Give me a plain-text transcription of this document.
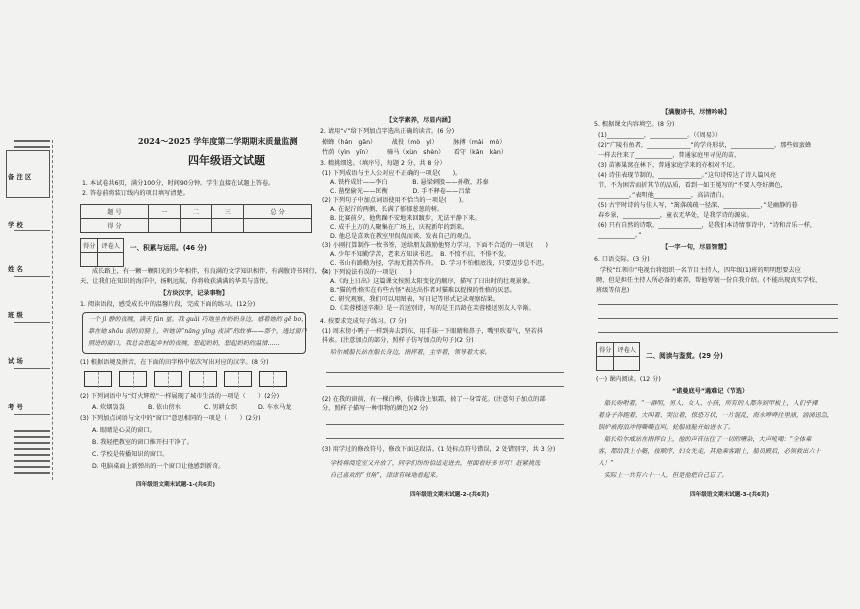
备 注 区
学 校
姓 名
班 级
试 场
考 号
2024～2025 学年度第二学期期末质量监测
四年级语文试题
1. 本试卷共6页，满分100分，时间90分钟。学生直接在试题上答卷。
2. 答卷前将装订线内的项目填写清楚。
题 号	一	二	三	总 分
得 分				
得分	评卷人
	一、积累与运用。(46 分)
成长路上，有一颗一颗阳光的少年相伴，有良满的文学知识相伴，有满腹诗书同行，今
天，让我们在知识的海洋中，扬帆远航，你将收获满满的华美与喜悦。
【方块汉字，记录事物】
1. 阅读语段，感受成长中的温馨片段，完成下面的练习。(12分)
一个 jì 静的夜晚，满天 fán 星。我 guǎi 巧地坐在奶奶身边，感着她的 gē bo，
靠在她 shōu 弱的肩膀上，听她讲“nāng yīng 夜读”的故事——那个，透过窗户
照进的窗口，我总会想起乡村的夜晚，想起奶奶，想起奶奶的温情……
(1) 根据语境及拼音，在下面的田字格中依次写出对应的汉字。(8 分)
(2) 下列词语中与“灯火辉煌”一样展现了城市生活的一项是（　　）(2分)
A. 炊烟袅袅	B. 依山傍水	C. 男耕女织	D. 车水马龙
(3) 下列加点词语与文中的“窗口”意思相同的一项是（　　）(2分)
A. 眼睛是心灵的窗口。
B. 我轻把教室的窗口推开扫干净了。
C. 学校是传播知识的窗口。
D. 电脑桌面上新弹出的一个窗口让他感到新奇。
四年级语文期末试题-1-(共6页)
【文学素养，尽显内涵】
2. 请用“√”给下列加点字选出正确的读音。(6 分)
撩蜂（hán　gān）　　　战役（mò　yì）　　　脉搏（mài　mò）
竹荫（yìn　yīn）　　　骑马（xùn　shèn）　　看守（kān　kàn）
3. 精挑细选。（填序号，每题 2 分，共 8 分）
(1) 下列成语与主人公对应不正确的一项是(　　)。
A. 铁杵成针——李白　　　　B. 悬梁刺股——孙敬、苏秦
C. 凿壁偷光——匡衡　　　　D. 手不释卷——吕蒙
(2) 下列句子中加点词语使用不恰当的一项是(　　)。
A. 在泥泞的两侧，长满了郁郁葱葱的树。
B. 比赛前夕，他焦躁不安地来回踱步，无法平静下来。
C. 成千上万的人聚集在广场上，庆祝新年的到来。
D. 他总是喜欢在教室里侃侃而谈，发表自己的观点。
(3) 小刚打算制作一枚书签，送给朋友鼓励他努力学习，下面不合适的一项是(　　)
A. 少年不知勤学苦，老来方知读书迟。　B. 不愤不启，不悱不发。
C. 书山有路勤为径，学海无涯苦作舟。　D. 学习不怕根底浅，只要迈步总不迟。
(4) 下列说法有误的一项是(　　)
A.《海上日出》这篇课文按照太阳变化的顺序，描写了日出时的壮观景象。
B.“猫的性格实在有些古怪”表达出作者对猫难以捉摸的性格的厌恶。
C. 研究观察，我们可以用图表，写日记等形式记录观察结果。
D.《芙蓉楼送辛渐》是一首送别诗，写的是王昌龄在芙蓉楼送别友人辛渐。
4. 按要求完成句子练习。(7 分)
(1) 周末傍小鸭子一样到奔去到东，用手抹一下眼睛和鼻子，嘴里吹着气，坚若抖
抖索。(注意加点的部分，照样子仿写加点的句子)(2 分)
哈尔威船长站在船长身边，指挥着，主宰着，领导着大家。
(2) 在我的窗前，有一棵白桦，仿佛涂上银霜，披了一身雪花。(注意句子加点的部
分，照样子描写一种事物的颜色)(2 分)
(3) 用学过的修改符号，修改下面这段话。(1 处标点符号错误，2 处错别字，共 3 分)
学校将阅览室又开放了，同学们纷纷恰适走进去，里面看好多书可！赶紧挑选
自己喜欢的“书角”，津津有味地看起来。
四年级语文期末试题-2-(共6页)
【满腹诗书，尽情吟咏】
5. 根据课文内容填空。(8 分)
(1)____________，____________。（《周易》）
(2)“广陵有鱼者，______________”的学舟形状，______________，那些如蛮蜂
一样去往来了____________，普通家庭里寻见的苗，
(3) 苗寨巢窝在林下，普通家庭学来的亦相对不足。
(4) 诗佳表现节制的，______________。”这句诗传达了诗人篇风亮
节，不为困苦而折其节的品质，看到一如王冕写的“不要人夸好颜色，
__________。”表明他____________，高洁清白。
(5) 古宇时诗的与佳人写，“篱落疏疏一径深，____________，”是幽静的暮
春乡景，____________，童衣无华处，是我学诗的源泉。
(6) 只有自然的诗歌，______________，是我们本诗情事诗中，“诗和音乐一样，
____________。”
【一字一句，尽显智慧】
6. 口语交际。(3 分)
学校“红领巾”电视台将组织一名节目主持人，四年级(1)班的明明想要去应
聘，但是担任主持人所必备的素养，帮他筹划一份自我介绍。(不能出现真实学校、
班级等信息)
得分	评卷人

二、阅读与鉴赏。(29 分)
(一) 课内阅读。(12 分)
“诺曼底号”遇难记（节选）
船长吩咐着，“一群明，男人、女人、小孩，所有的人都奔到甲板上，人们乎裸
着身子奔跑着，大叫着、哭泣着，惊恐万状，一片混乱，海水哗哗往里涌，汹涌迅急，
锅炉被海浪冲得嘶嘶直叫，轮船底舱开始进水了。
船长哈尔威站在指挥台上，他的声音压住了一切的嘈杂，大声吼喝：“全体乘
客，都给我上小艇，按顺序，妇女先走，其他乘客跟上，船员殿后，必须救出六十
人！”
实际上一共有六十一人，但是他把自己忘了。
四年级语文期末试题-3-(共6页)
